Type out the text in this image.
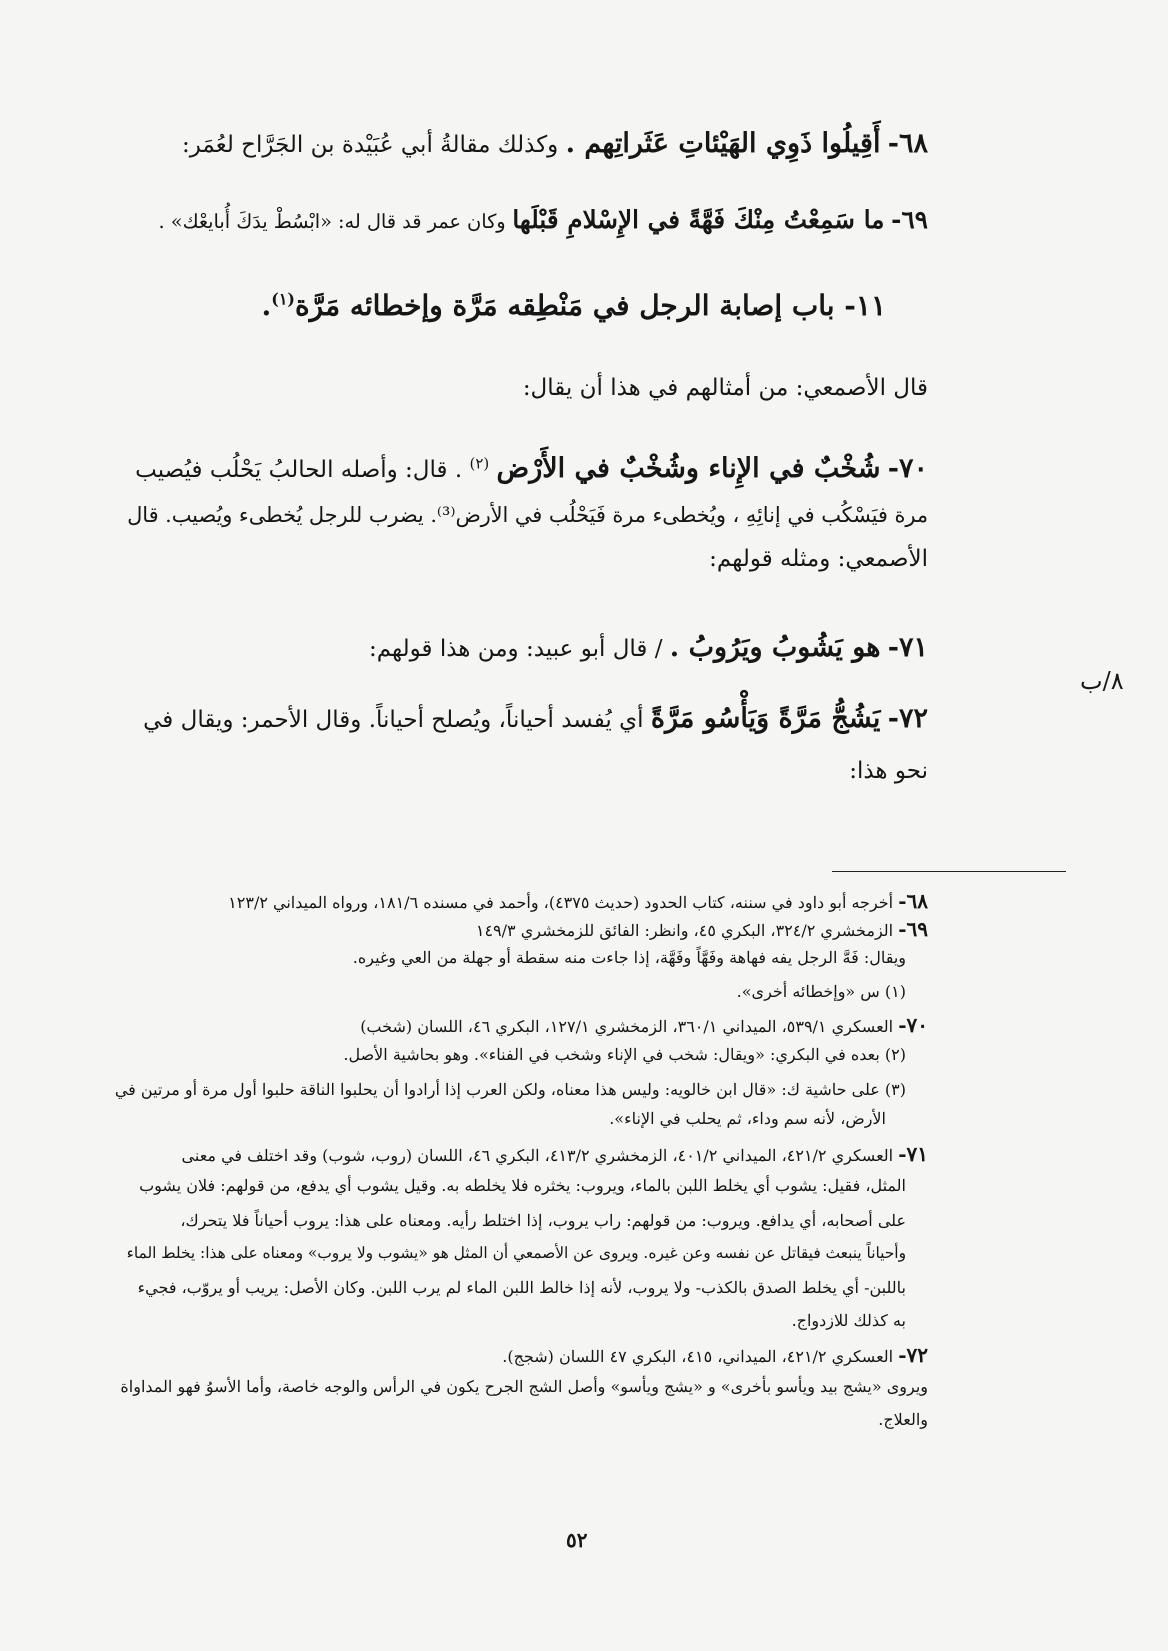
٦٨- أَقِيلُوا ذَوِي الهَيْئاتِ عَثَراتِهم . وكذلك مقالةُ أبي عُبَيْدة بن الجَرَّاح لعُمَر:
٦٩- ما سَمِعْتُ مِنْكَ فَهَّةً في الإِسْلامِ قَبْلَها وكان عمر قد قال له: «ابْسُطْ يدَكَ أُبايعْك» .
١١- باب إصابة الرجل في مَنْطِقه مَرَّة وإخطائه مَرَّة$^{(١)}$.
قال الأصمعي: من أمثالهم في هذا أن يقال:
٧٠- شُخْبٌ في الإِناء وشُخْبٌ في الأَرْض $^{(٢)}$ . قال: وأصله الحالبُ يَحْلُب فيُصيب
مرة فيَسْكُب في إنائِهِ ، ويُخطىء مرة فَيَحْلُب في الأرض⁽³⁾. يضرب للرجل يُخطىء ويُصيب. قال
الأصمعي: ومثله قولهم:
٨/ب
٧١- هو يَشُوبُ ويَرُوبُ . / قال أبو عبيد: ومن هذا قولهم:
٧٢- يَشُجُّ مَرَّةً وَيَأْسُو مَرَّةً أي يُفسد أحياناً، ويُصلح أحياناً. وقال الأحمر: ويقال في
نحو هذا:
٦٨- أخرجه أبو داود في سننه، كتاب الحدود (حديث ٤٣٧٥)، وأحمد في مسنده ١٨١/٦، ورواه الميداني ١٢٣/٢
٦٩- الزمخشري ٣٢٤/٢، البكري ٤٥، وانظر: الفائق للزمخشري ١٤٩/٣
ويقال: فَهَّ الرجل يفه فهاهة وفَهَّاً وفَهَّة، إذا جاءت منه سقطة أو جهلة من العي وغيره.
(١) س «وإخطائه أخرى».
٧٠- العسكري ٥٣٩/١، الميداني ٣٦٠/١، الزمخشري ١٢٧/١، البكري ٤٦، اللسان (شخب)
(٢) بعده في البكري: «ويقال: شخب في الإناء وشخب في الفناء». وهو بحاشية الأصل.
(٣) على حاشية ك: «قال ابن خالويه: وليس هذا معناه، ولكن العرب إذا أرادوا أن يحلبوا الناقة حلبوا أول مرة أو مرتين في
الأرض، لأنه سم وداء، ثم يحلب في الإناء».
٧١- العسكري ٤٢١/٢، الميداني ٤٠١/٢، الزمخشري ٤١٣/٢، البكري ٤٦، اللسان (روب، شوب) وقد اختلف في معنى
المثل، فقيل: يشوب أي يخلط اللبن بالماء، ويروب: يخثره فلا يخلطه به. وقيل يشوب أي يدفع، من قولهم: فلان يشوب
على أصحابه، أي يدافع. ويروب: من قولهم: راب يروب، إذا اختلط رأيه. ومعناه على هذا: يروب أحياناً فلا يتحرك،
وأحياناً ينبعث فيقاتل عن نفسه وعن غيره. ويروى عن الأصمعي أن المثل هو «يشوب ولا يروب» ومعناه على هذا: يخلط الماء
باللبن- أي يخلط الصدق بالكذب- ولا يروب، لأنه إذا خالط اللبن الماء لم يرب اللبن. وكان الأصل: يريب أو يروّب، فجيء
به كذلك للازدواج.
٧٢- العسكري ٤٢١/٢، الميداني، ٤١٥، البكري ٤٧ اللسان (شجج).
ويروى «يشج بيد ويأسو بأخرى» و «يشج ويأسو» وأصل الشج الجرح يكون في الرأس والوجه خاصة، وأما الأسوُ فهو المداواة
والعلاج.
٥٢
